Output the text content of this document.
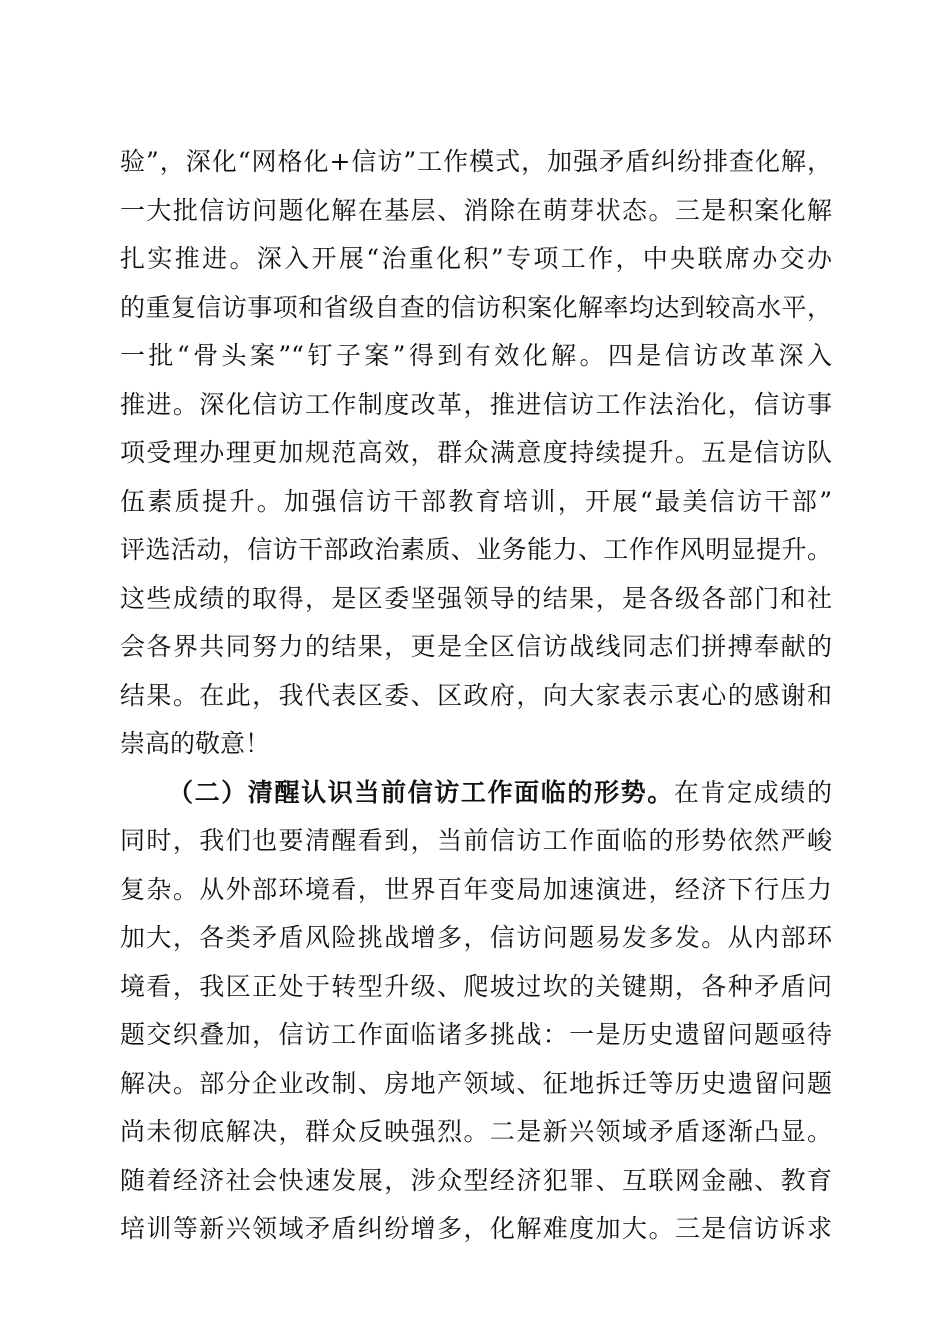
验”，深化“网格化+信访”工作模式，加强矛盾纠纷排查化解，
一大批信访问题化解在基层、消除在萌芽状态。三是积案化解
扎实推进。深入开展“治重化积”专项工作，中央联席办交办
的重复信访事项和省级自查的信访积案化解率均达到较高水平，
一批“骨头案”“钉子案”得到有效化解。四是信访改革深入
推进。深化信访工作制度改革，推进信访工作法治化，信访事
项受理办理更加规范高效，群众满意度持续提升。五是信访队
伍素质提升。加强信访干部教育培训，开展“最美信访干部”
评选活动，信访干部政治素质、业务能力、工作作风明显提升。
这些成绩的取得，是区委坚强领导的结果，是各级各部门和社
会各界共同努力的结果，更是全区信访战线同志们拼搏奉献的
结果。在此，我代表区委、区政府，向大家表示衷心的感谢和
崇高的敬意！
（二）清醒认识当前信访工作面临的形势。在肯定成绩的
同时，我们也要清醒看到，当前信访工作面临的形势依然严峻
复杂。从外部环境看，世界百年变局加速演进，经济下行压力
加大，各类矛盾风险挑战增多，信访问题易发多发。从内部环
境看，我区正处于转型升级、爬坡过坎的关键期，各种矛盾问
题交织叠加，信访工作面临诸多挑战：一是历史遗留问题亟待
解决。部分企业改制、房地产领域、征地拆迁等历史遗留问题
尚未彻底解决，群众反映强烈。二是新兴领域矛盾逐渐凸显。
随着经济社会快速发展，涉众型经济犯罪、互联网金融、教育
培训等新兴领域矛盾纠纷增多，化解难度加大。三是信访诉求
